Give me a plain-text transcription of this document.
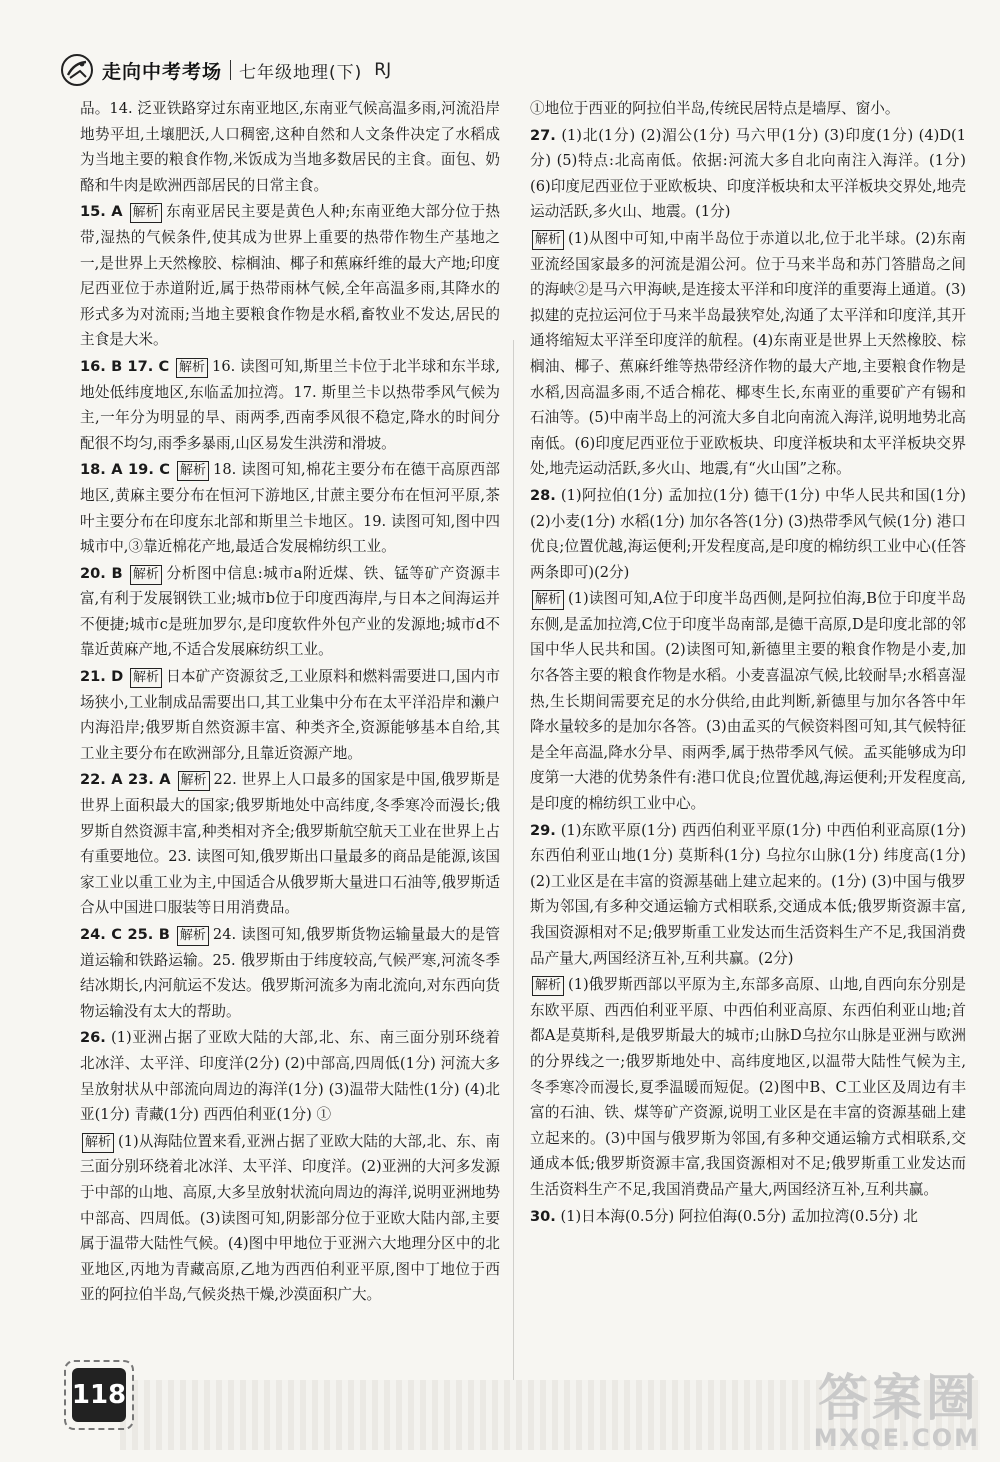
走向中考考场 七年级地理(下) RJ

品。14. 泛亚铁路穿过东南亚地区,东南亚气候高温多雨,河流沿岸地势平坦,土壤肥沃,人口稠密,这种自然和人文条件决定了水稻成为当地主要的粮食作物,米饭成为当地多数居民的主食。面包、奶酪和牛肉是欧洲西部居民的日常主食。

15. A 解析 东南亚居民主要是黄色人种;东南亚绝大部分位于热带,湿热的气候条件,使其成为世界上重要的热带作物生产基地之一,是世界上天然橡胶、棕榈油、椰子和蕉麻纤维的最大产地;印度尼西亚位于赤道附近,属于热带雨林气候,全年高温多雨,其降水的形式多为对流雨;当地主要粮食作物是水稻,畜牧业不发达,居民的主食是大米。

16. B 17. C 解析 16. 读图可知,斯里兰卡位于北半球和东半球,地处低纬度地区,东临孟加拉湾。17. 斯里兰卡以热带季风气候为主,一年分为明显的旱、雨两季,西南季风很不稳定,降水的时间分配很不均匀,雨季多暴雨,山区易发生洪涝和滑坡。

18. A 19. C 解析 18. 读图可知,棉花主要分布在德干高原西部地区,黄麻主要分布在恒河下游地区,甘蔗主要分布在恒河平原,茶叶主要分布在印度东北部和斯里兰卡地区。19. 读图可知,图中四城市中,③靠近棉花产地,最适合发展棉纺织工业。

20. B 解析 分析图中信息:城市a附近煤、铁、锰等矿产资源丰富,有利于发展钢铁工业;城市b位于印度西海岸,与日本之间海运并不便捷;城市c是班加罗尔,是印度软件外包产业的发源地;城市d不靠近黄麻产地,不适合发展麻纺织工业。

21. D 解析 日本矿产资源贫乏,工业原料和燃料需要进口,国内市场狭小,工业制成品需要出口,其工业集中分布在太平洋沿岸和濑户内海沿岸;俄罗斯自然资源丰富、种类齐全,资源能够基本自给,其工业主要分布在欧洲部分,且靠近资源产地。

22. A 23. A 解析 22. 世界上人口最多的国家是中国,俄罗斯是世界上面积最大的国家;俄罗斯地处中高纬度,冬季寒冷而漫长;俄罗斯自然资源丰富,种类相对齐全;俄罗斯航空航天工业在世界上占有重要地位。23. 读图可知,俄罗斯出口量最多的商品是能源,该国家工业以重工业为主,中国适合从俄罗斯大量进口石油等,俄罗斯适合从中国进口服装等日用消费品。

24. C 25. B 解析 24. 读图可知,俄罗斯货物运输量最大的是管道运输和铁路运输。25. 俄罗斯由于纬度较高,气候严寒,河流冬季结冰期长,内河航运不发达。俄罗斯河流多为南北流向,对东西向货物运输没有太大的帮助。

26. (1)亚洲占据了亚欧大陆的大部,北、东、南三面分别环绕着北冰洋、太平洋、印度洋(2分) (2)中部高,四周低(1分) 河流大多呈放射状从中部流向周边的海洋(1分) (3)温带大陆性(1分) (4)北亚(1分) 青藏(1分) 西西伯利亚(1分) ①

解析 (1)从海陆位置来看,亚洲占据了亚欧大陆的大部,北、东、南三面分别环绕着北冰洋、太平洋、印度洋。(2)亚洲的大河多发源于中部的山地、高原,大多呈放射状流向周边的海洋,说明亚洲地势中部高、四周低。(3)读图可知,阴影部分位于亚欧大陆内部,主要属于温带大陆性气候。(4)图中甲地位于亚洲六大地理分区中的北亚地区,丙地为青藏高原,乙地为西西伯利亚平原,图中丁地位于西亚的阿拉伯半岛,气候炎热干燥,沙漠面积广大。

①地位于西亚的阿拉伯半岛,传统民居特点是墙厚、窗小。

27. (1)北(1分) (2)湄公(1分) 马六甲(1分) (3)印度(1分) (4)D(1分) (5)特点:北高南低。依据:河流大多自北向南注入海洋。(1分) (6)印度尼西亚位于亚欧板块、印度洋板块和太平洋板块交界处,地壳运动活跃,多火山、地震。(1分)

解析 (1)从图中可知,中南半岛位于赤道以北,位于北半球。(2)东南亚流经国家最多的河流是湄公河。位于马来半岛和苏门答腊岛之间的海峡②是马六甲海峡,是连接太平洋和印度洋的重要海上通道。(3)拟建的克拉运河位于马来半岛最狭窄处,沟通了太平洋和印度洋,其开通将缩短太平洋至印度洋的航程。(4)东南亚是世界上天然橡胶、棕榈油、椰子、蕉麻纤维等热带经济作物的最大产地,主要粮食作物是水稻,因高温多雨,不适合棉花、椰枣生长,东南亚的重要矿产有锡和石油等。(5)中南半岛上的河流大多自北向南流入海洋,说明地势北高南低。(6)印度尼西亚位于亚欧板块、印度洋板块和太平洋板块交界处,地壳运动活跃,多火山、地震,有“火山国”之称。

28. (1)阿拉伯(1分) 孟加拉(1分) 德干(1分) 中华人民共和国(1分) (2)小麦(1分) 水稻(1分) 加尔各答(1分) (3)热带季风气候(1分) 港口优良;位置优越,海运便利;开发程度高,是印度的棉纺织工业中心(任答两条即可)(2分)

解析 (1)读图可知,A位于印度半岛西侧,是阿拉伯海,B位于印度半岛东侧,是孟加拉湾,C位于印度半岛南部,是德干高原,D是印度北部的邻国中华人民共和国。(2)读图可知,新德里主要的粮食作物是小麦,加尔各答主要的粮食作物是水稻。小麦喜温凉气候,比较耐旱;水稻喜湿热,生长期间需要充足的水分供给,由此判断,新德里与加尔各答中年降水量较多的是加尔各答。(3)由孟买的气候资料图可知,其气候特征是全年高温,降水分旱、雨两季,属于热带季风气候。孟买能够成为印度第一大港的优势条件有:港口优良;位置优越,海运便利;开发程度高,是印度的棉纺织工业中心。

29. (1)东欧平原(1分) 西西伯利亚平原(1分) 中西伯利亚高原(1分) 东西伯利亚山地(1分) 莫斯科(1分) 乌拉尔山脉(1分) 纬度高(1分) (2)工业区是在丰富的资源基础上建立起来的。(1分) (3)中国与俄罗斯为邻国,有多种交通运输方式相联系,交通成本低;俄罗斯资源丰富,我国资源相对不足;俄罗斯重工业发达而生活资料生产不足,我国消费品产量大,两国经济互补,互利共赢。(2分)

解析 (1)俄罗斯西部以平原为主,东部多高原、山地,自西向东分别是东欧平原、西西伯利亚平原、中西伯利亚高原、东西伯利亚山地;首都A是莫斯科,是俄罗斯最大的城市;山脉D乌拉尔山脉是亚洲与欧洲的分界线之一;俄罗斯地处中、高纬度地区,以温带大陆性气候为主,冬季寒冷而漫长,夏季温暖而短促。(2)图中B、C工业区及周边有丰富的石油、铁、煤等矿产资源,说明工业区是在丰富的资源基础上建立起来的。(3)中国与俄罗斯为邻国,有多种交通运输方式相联系,交通成本低;俄罗斯资源丰富,我国资源相对不足;俄罗斯重工业发达而生活资料生产不足,我国消费品产量大,两国经济互补,互利共赢。

30. (1)日本海(0.5分) 阿拉伯海(0.5分) 孟加拉湾(0.5分) 北

118	答案圈
MXQE.COM
